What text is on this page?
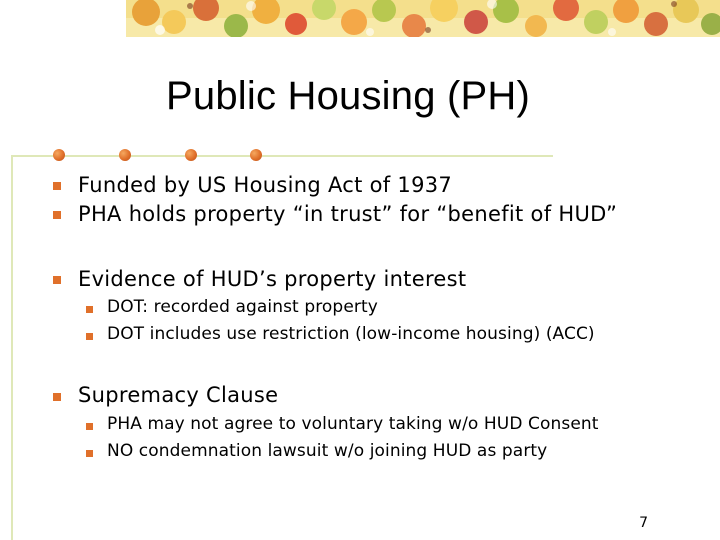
Public Housing (PH)
Funded by US Housing Act of 1937
PHA holds property “in trust” for “benefit of HUD”
Evidence of HUD’s property interest
DOT: recorded against property
DOT includes use restriction (low-income housing) (ACC)
Supremacy Clause
PHA may not agree to voluntary taking w/o HUD Consent
NO condemnation lawsuit w/o joining HUD as party
7
